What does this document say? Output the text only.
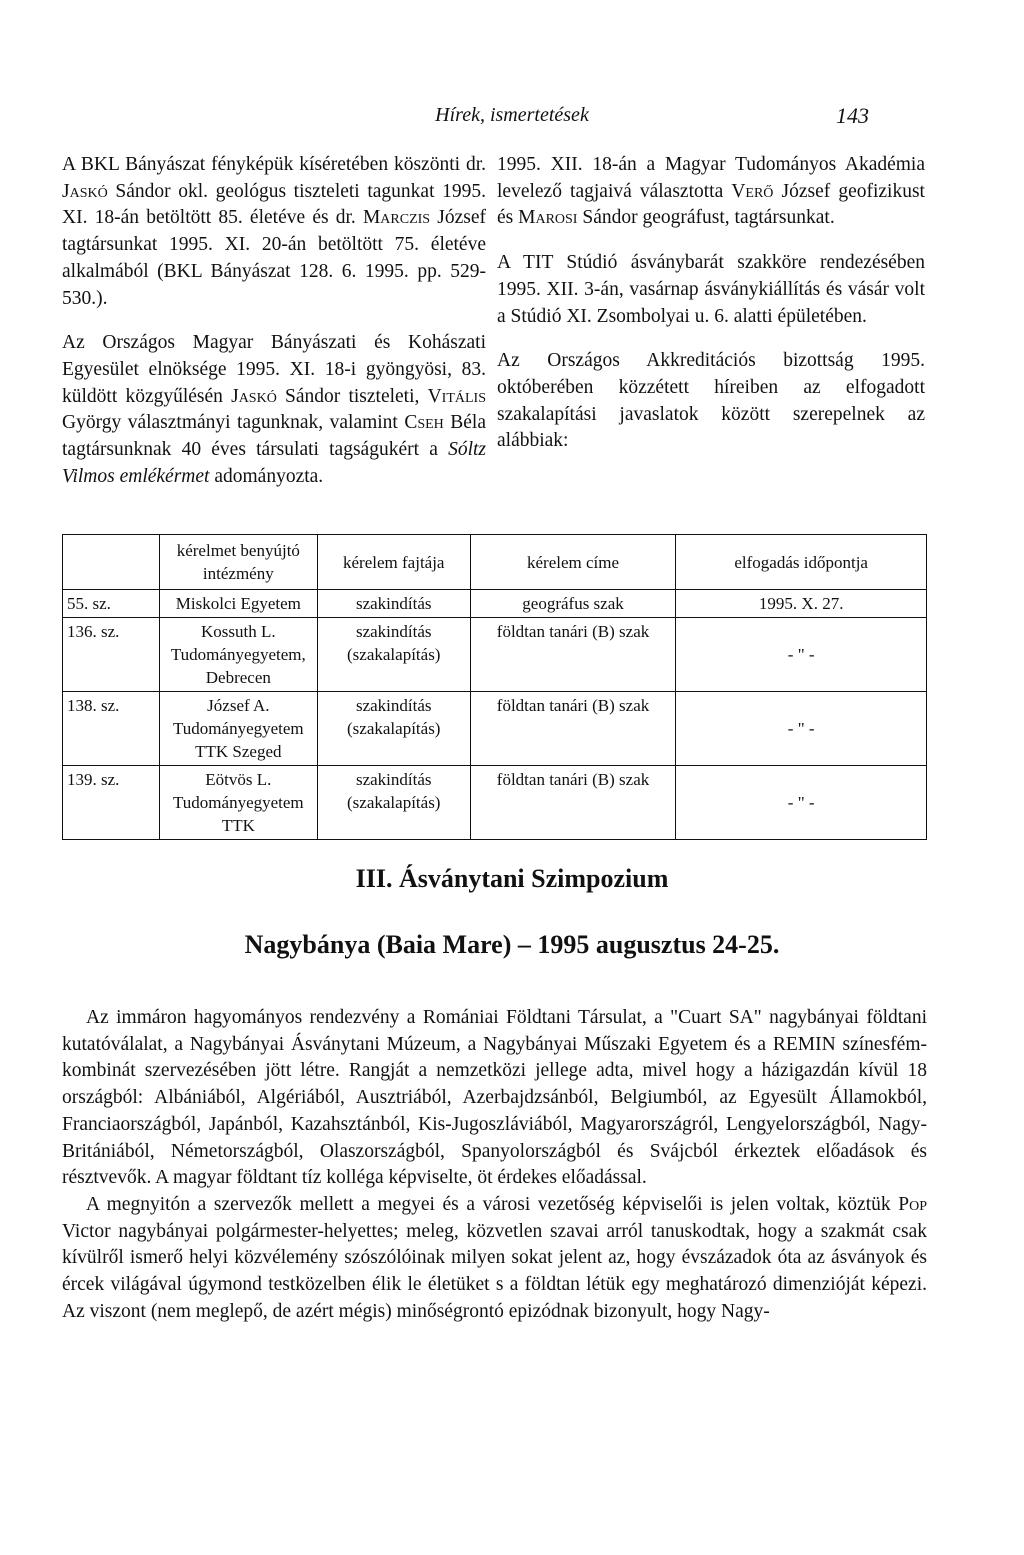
Hírek, ismertetések	143

A BKL Bányászat fényképük kíséretében köszönti dr. Jaskó Sándor okl. geológus tiszteleti tagunkat 1995. XI. 18-án betöltött 85. életéve és dr. Marczis József tagtársunkat 1995. XI. 20-án betöltött 75. életéve alkalmából (BKL Bányászat 128. 6. 1995. pp. 529-530.).

Az Országos Magyar Bányászati és Kohászati Egyesület elnöksége 1995. XI. 18-i gyöngyösi, 83. küldött közgyűlésén Jaskó Sándor tiszteleti, Vitális György választmányi tagunknak, valamint Cseh Béla tagtársunknak 40 éves társulati tagságukért a Sóltz Vilmos emlékérmet adományozta.

1995. XII. 18-án a Magyar Tudományos Akadémia levelező tagjaivá választotta Verő József geofizikust és Marosi Sándor geográfust, tagtársunkat.

A TIT Stúdió ásványbarát szakköre rendezésében 1995. XII. 3-án, vasárnap ásványkiállítás és vásár volt a Stúdió XI. Zsombolyai u. 6. alatti épületében.

Az Országos Akkreditációs bizottság 1995. októberében közzétett híreiben az elfogadott szakalapítási javaslatok között szerepelnek az alábbiak:

	kérelmet benyújtó intézmény	kérelem fajtája	kérelem címe	elfogadás időpontja
55. sz.	Miskolci Egyetem	szakindítás	geográfus szak	1995. X. 27.
136. sz.	Kossuth L. Tudományegyetem, Debrecen	szakindítás (szakalapítás)	földtan tanári (B) szak	- " -
138. sz.	József A. Tudományegyetem TTK Szeged	szakindítás (szakalapítás)	földtan tanári (B) szak	- " -
139. sz.	Eötvös L. Tudományegyetem TTK	szakindítás (szakalapítás)	földtan tanári (B) szak	- " -
III. Ásványtani Szimpozium
Nagybánya (Baia Mare) – 1995 augusztus 24-25.

Az immáron hagyományos rendezvény a Romániai Földtani Társulat, a "Cuart SA" nagybányai földtani kutatóválalat, a Nagybányai Ásványtani Múzeum, a Nagybányai Műszaki Egyetem és a REMIN színesfém-kombinát szervezésében jött létre. Rangját a nemzetközi jellege adta, mivel hogy a házigazdán kívül 18 országból: Albániából, Algériából, Ausztriából, Azerbajdzsánból, Belgiumból, az Egyesült Államokból, Franciaországból, Japánból, Kazahsztánból, Kis-Jugoszláviából, Magyarországról, Lengyelországból, Nagy-Britániából, Németországból, Olaszországból, Spanyolországból és Svájcból érkeztek előadások és résztvevők. A magyar földtant tíz kolléga képviselte, öt érdekes előadással.

A megnyitón a szervezők mellett a megyei és a városi vezetőség képviselői is jelen voltak, köztük Pop Victor nagybányai polgármester-helyettes; meleg, közvetlen szavai arról tanuskodtak, hogy a szakmát csak kívülről ismerő helyi közvélemény szószólóinak milyen sokat jelent az, hogy évszázadok óta az ásványok és ércek világával úgymond testközelben élik le életüket s a földtan létük egy meghatározó dimenzióját képezi. Az viszont (nem meglepő, de azért mégis) minőségrontó epizódnak bizonyult, hogy Nagy-
